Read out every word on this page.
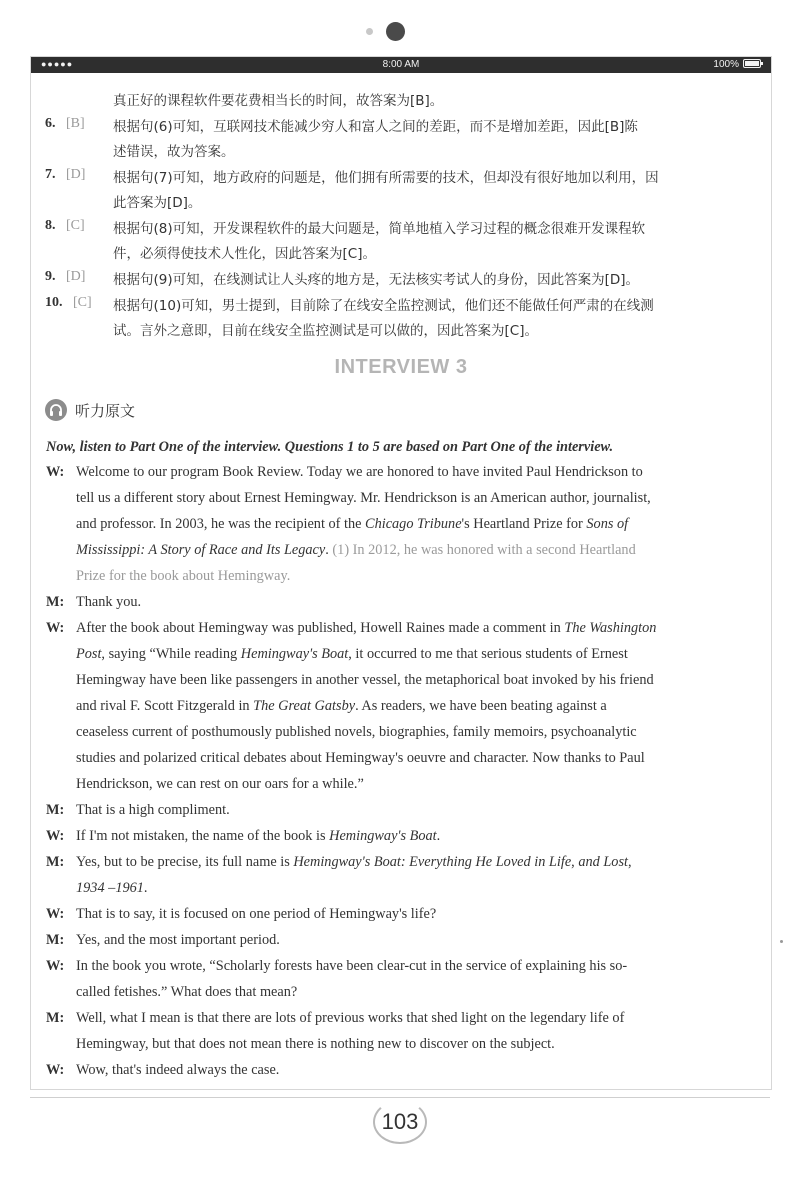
●●●●●	8:00 AM	100%
真正好的课程软件要花费相当长的时间，故答案为[B]。
6. [B] 根据句(6)可知，互联网技术能减少穷人和富人之间的差距，而不是增加差距，因此[B]陈
述错误，故为答案。
7. [D] 根据句(7)可知，地方政府的问题是，他们拥有所需要的技术，但却没有很好地加以利用，因
此答案为[D]。
8. [C] 根据句(8)可知，开发课程软件的最大问题是，简单地植入学习过程的概念很难开发课程软
件，必须得使技术人性化，因此答案为[C]。
9. [D] 根据句(9)可知，在线测试让人头疼的地方是，无法核实考试人的身份，因此答案为[D]。
10. [C] 根据句(10)可知，男士提到，目前除了在线安全监控测试，他们还不能做任何严肃的在线测
试。言外之意即，目前在线安全监控测试是可以做的，因此答案为[C]。
INTERVIEW 3
听力原文
Now, listen to Part One of the interview. Questions 1 to 5 are based on Part One of the interview.
W: Welcome to our program Book Review. Today we are honored to have invited Paul Hendrickson to
tell us a different story about Ernest Hemingway. Mr. Hendrickson is an American author, journalist,
and professor. In 2003, he was the recipient of the Chicago Tribune's Heartland Prize for Sons of
Mississippi: A Story of Race and Its Legacy. (1) In 2012, he was honored with a second Heartland
Prize for the book about Hemingway.
M: Thank you.
W: After the book about Hemingway was published, Howell Raines made a comment in The Washington
Post, saying “While reading Hemingway's Boat, it occurred to me that serious students of Ernest
Hemingway have been like passengers in another vessel, the metaphorical boat invoked by his friend
and rival F. Scott Fitzgerald in The Great Gatsby. As readers, we have been beating against a
ceaseless current of posthumously published novels, biographies, family memoirs, psychoanalytic
studies and polarized critical debates about Hemingway's oeuvre and character. Now thanks to Paul
Hendrickson, we can rest on our oars for a while.”
M: That is a high compliment.
W: If I'm not mistaken, the name of the book is Hemingway's Boat.
M: Yes, but to be precise, its full name is Hemingway's Boat: Everything He Loved in Life, and Lost,
1934 –1961.
W: That is to say, it is focused on one period of Hemingway's life?
M: Yes, and the most important period.
W: In the book you wrote, “Scholarly forests have been clear-cut in the service of explaining his so-
called fetishes.” What does that mean?
M: Well, what I mean is that there are lots of previous works that shed light on the legendary life of
Hemingway, but that does not mean there is nothing new to discover on the subject.
W: Wow, that's indeed always the case.
103
